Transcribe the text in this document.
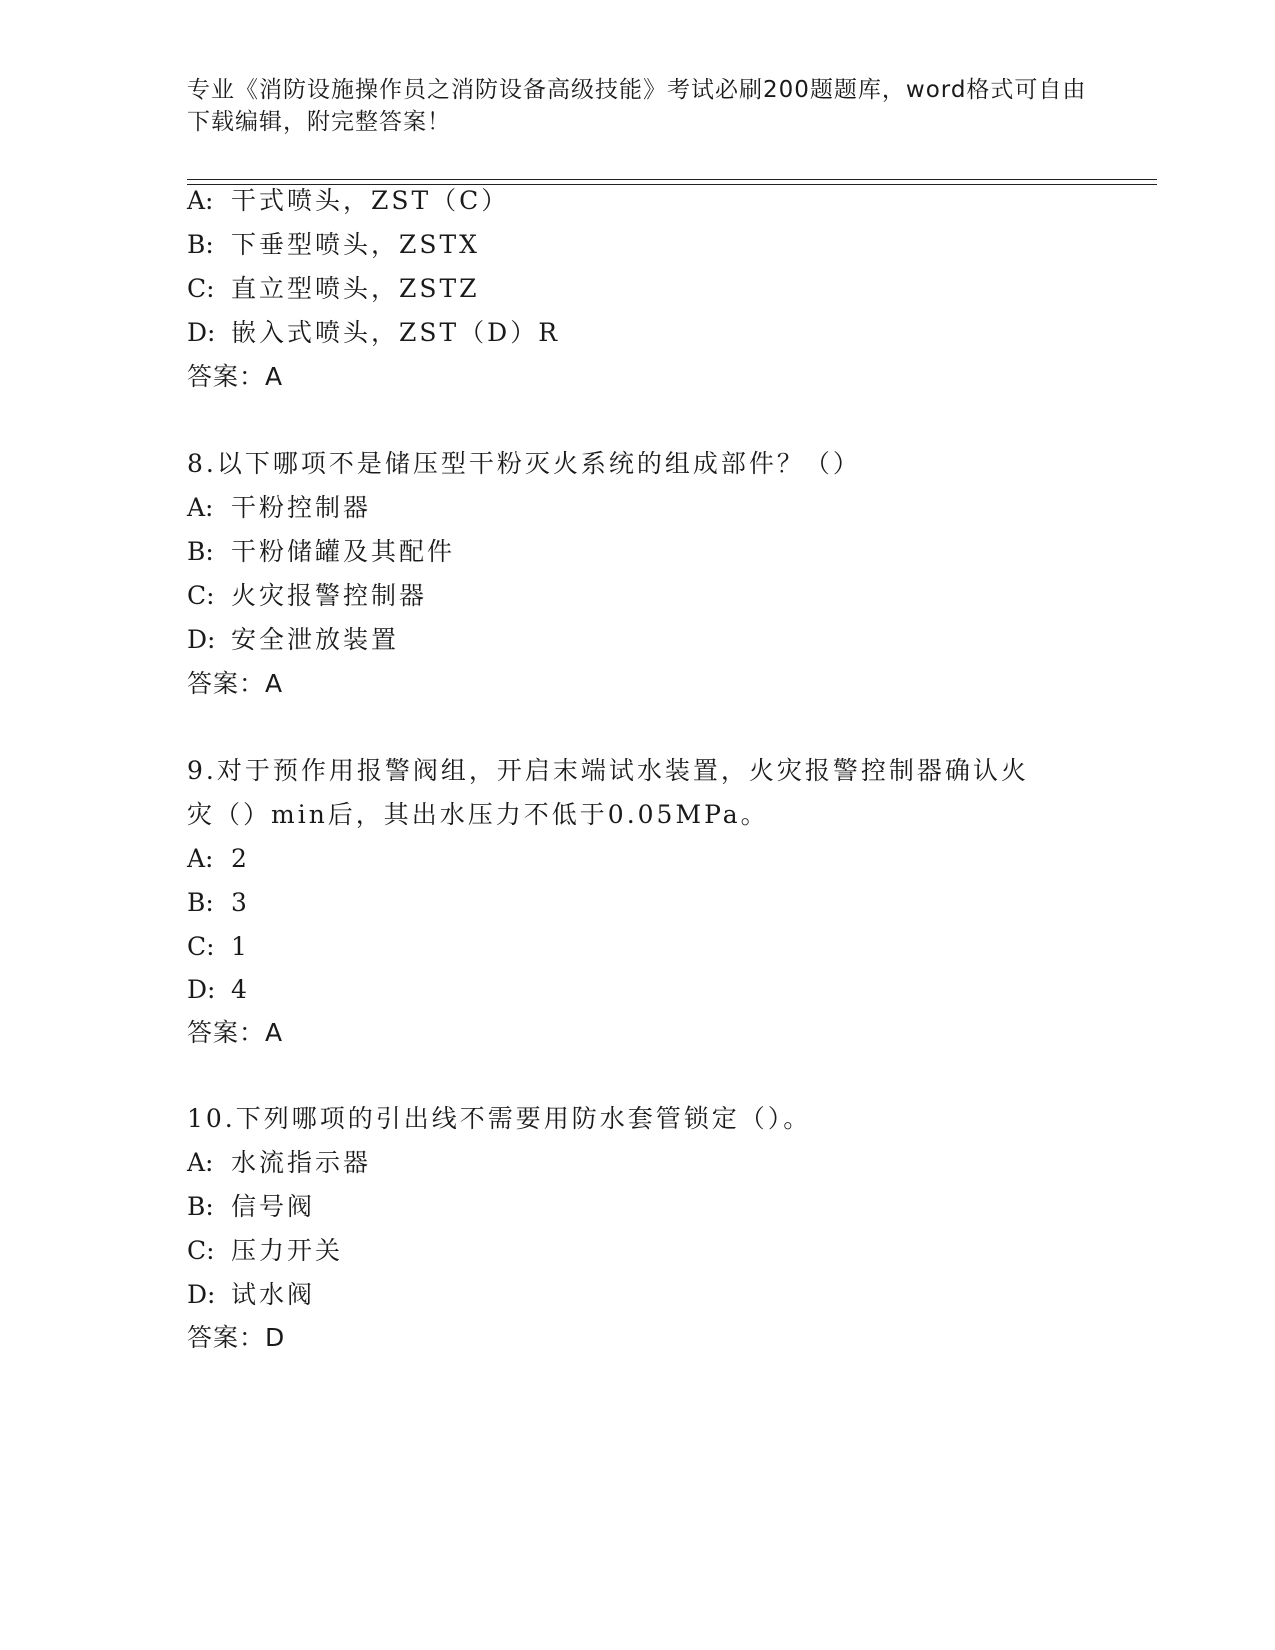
专业《消防设施操作员之消防设备高级技能》考试必刷200题题库，word格式可自由下载编辑，附完整答案！
A: 干式喷头，ZST（C）
B: 下垂型喷头，ZSTX
C: 直立型喷头，ZSTZ
D: 嵌入式喷头，ZST（D）R
答案：A
8.以下哪项不是储压型干粉灭火系统的组成部件？（）
A: 干粉控制器
B: 干粉储罐及其配件
C: 火灾报警控制器
D: 安全泄放装置
答案：A
9.对于预作用报警阀组，开启末端试水装置，火灾报警控制器确认火
灾（）min后，其出水压力不低于0.05MPa。
A: 2
B: 3
C: 1
D: 4
答案：A
10.下列哪项的引出线不需要用防水套管锁定（）。
A: 水流指示器
B: 信号阀
C: 压力开关
D: 试水阀
答案：D
